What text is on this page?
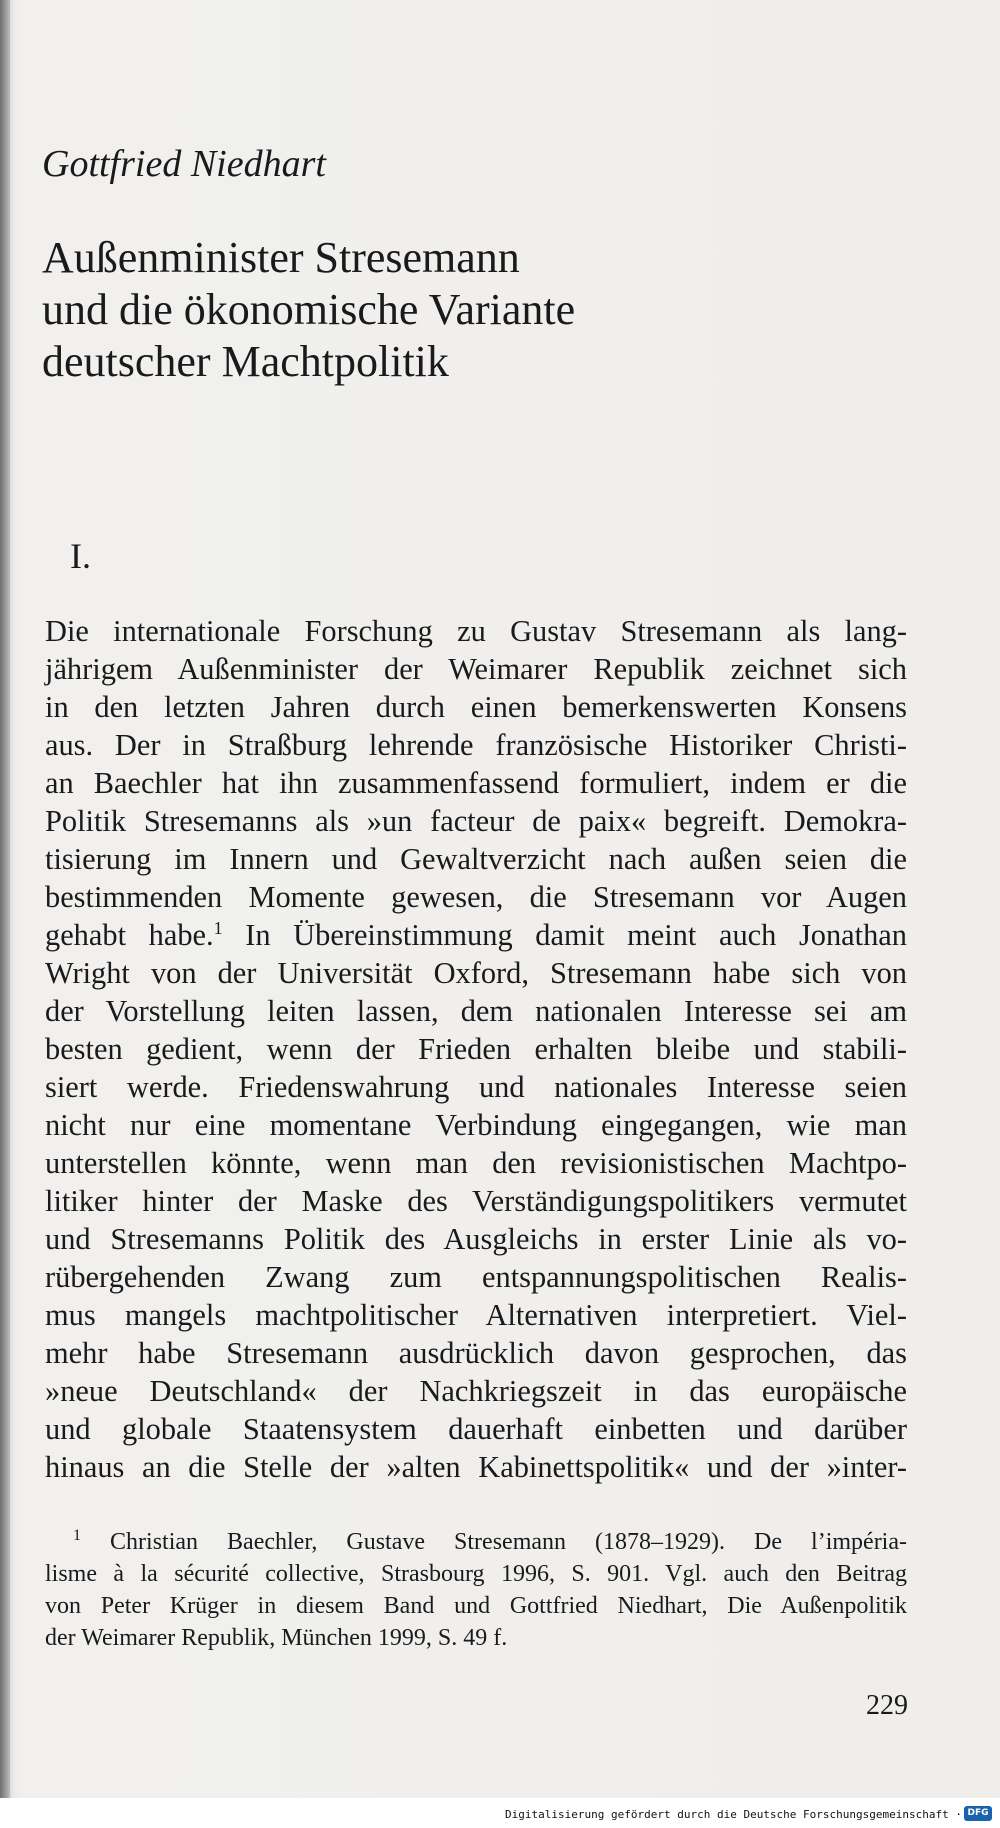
Gottfried Niedhart
Außenminister Stresemann
und die ökonomische Variante
deutscher Machtpolitik
I.
Die internationale Forschung zu Gustav Stresemann als lang-
jährigem Außenminister der Weimarer Republik zeichnet sich
in den letzten Jahren durch einen bemerkenswerten Konsens
aus. Der in Straßburg lehrende französische Historiker Christi-
an Baechler hat ihn zusammenfassend formuliert, indem er die
Politik Stresemanns als »un facteur de paix« begreift. Demokra-
tisierung im Innern und Gewaltverzicht nach außen seien die
bestimmenden Momente gewesen, die Stresemann vor Augen
gehabt habe.$^1$ In Übereinstimmung damit meint auch Jonathan
Wright von der Universität Oxford, Stresemann habe sich von
der Vorstellung leiten lassen, dem nationalen Interesse sei am
besten gedient, wenn der Frieden erhalten bleibe und stabili-
siert werde. Friedenswahrung und nationales Interesse seien
nicht nur eine momentane Verbindung eingegangen, wie man
unterstellen könnte, wenn man den revisionistischen Machtpo-
litiker hinter der Maske des Verständigungspolitikers vermutet
und Stresemanns Politik des Ausgleichs in erster Linie als vo-
rübergehenden Zwang zum entspannungspolitischen Realis-
mus mangels machtpolitischer Alternativen interpretiert. Viel-
mehr habe Stresemann ausdrücklich davon gesprochen, das
»neue Deutschland« der Nachkriegszeit in das europäische
und globale Staatensystem dauerhaft einbetten und darüber
hinaus an die Stelle der »alten Kabinettspolitik« und der »inter-
$^1$ Christian Baechler, Gustave Stresemann (1878–1929). De l’impéria-
lisme à la sécurité collective, Strasbourg 1996, S. 901. Vgl. auch den Beitrag
von Peter Krüger in diesem Band und Gottfried Niedhart, Die Außenpolitik
der Weimarer Republik, München 1999, S. 49 f.
229
Digitalisierung gefördert durch die Deutsche Forschungsgemeinschaft · DFG
